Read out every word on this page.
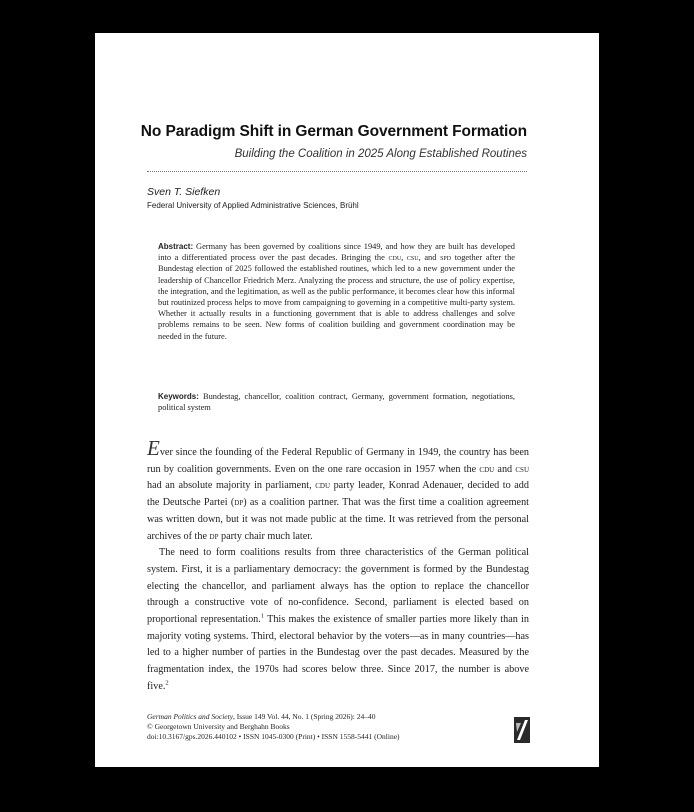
No Paradigm Shift in German Government Formation
Building the Coalition in 2025 Along Established Routines
Sven T. Siefken
Federal University of Applied Administrative Sciences, Brühl

Abstract: Germany has been governed by coalitions since 1949, and how they are built has developed into a differentiated process over the past decades. Bringing the cdu, csu, and spd together after the Bundestag election of 2025 followed the established routines, which led to a new government under the leadership of Chancellor Friedrich Merz. Analyzing the process and structure, the use of policy expertise, the integration, and the legitimation, as well as the public performance, it becomes clear how this informal but routinized process helps to move from campaigning to governing in a competitive multi-party system. Whether it actually results in a functioning government that is able to address challenges and solve problems remains to be seen. New forms of coalition building and government coordination may be needed in the future.

Keywords: Bundestag, chancellor, coalition contract, Germany, government formation, negotiations, political system

Ever since the founding of the Federal Republic of Germany in 1949, the country has been run by coalition governments. Even on the one rare occasion in 1957 when the cdu and csu had an absolute majority in parliament, cdu party leader, Konrad Adenauer, decided to add the Deutsche Partei (dp) as a coalition partner. That was the first time a coalition agreement was written down, but it was not made public at the time. It was retrieved from the personal archives of the dp party chair much later.

The need to form coalitions results from three characteristics of the German political system. First, it is a parliamentary democracy: the government is formed by the Bundestag electing the chancellor, and parliament always has the option to replace the chancellor through a constructive vote of no-confidence. Second, parliament is elected based on proportional representation.$^1$ This makes the existence of smaller parties more likely than in majority voting systems. Third, electoral behavior by the voters—as in many countries—has led to a higher number of parties in the Bundestag over the past decades. Measured by the fragmentation index, the 1970s had scores below three. Since 2017, the number is above five.$^2$

German Politics and Society, Issue 149 Vol. 44, No. 1 (Spring 2026): 24–40
© Georgetown University and Berghahn Books
doi:10.3167/gps.2026.440102 • ISSN 1045-0300 (Print) • ISSN 1558-5441 (Online)
